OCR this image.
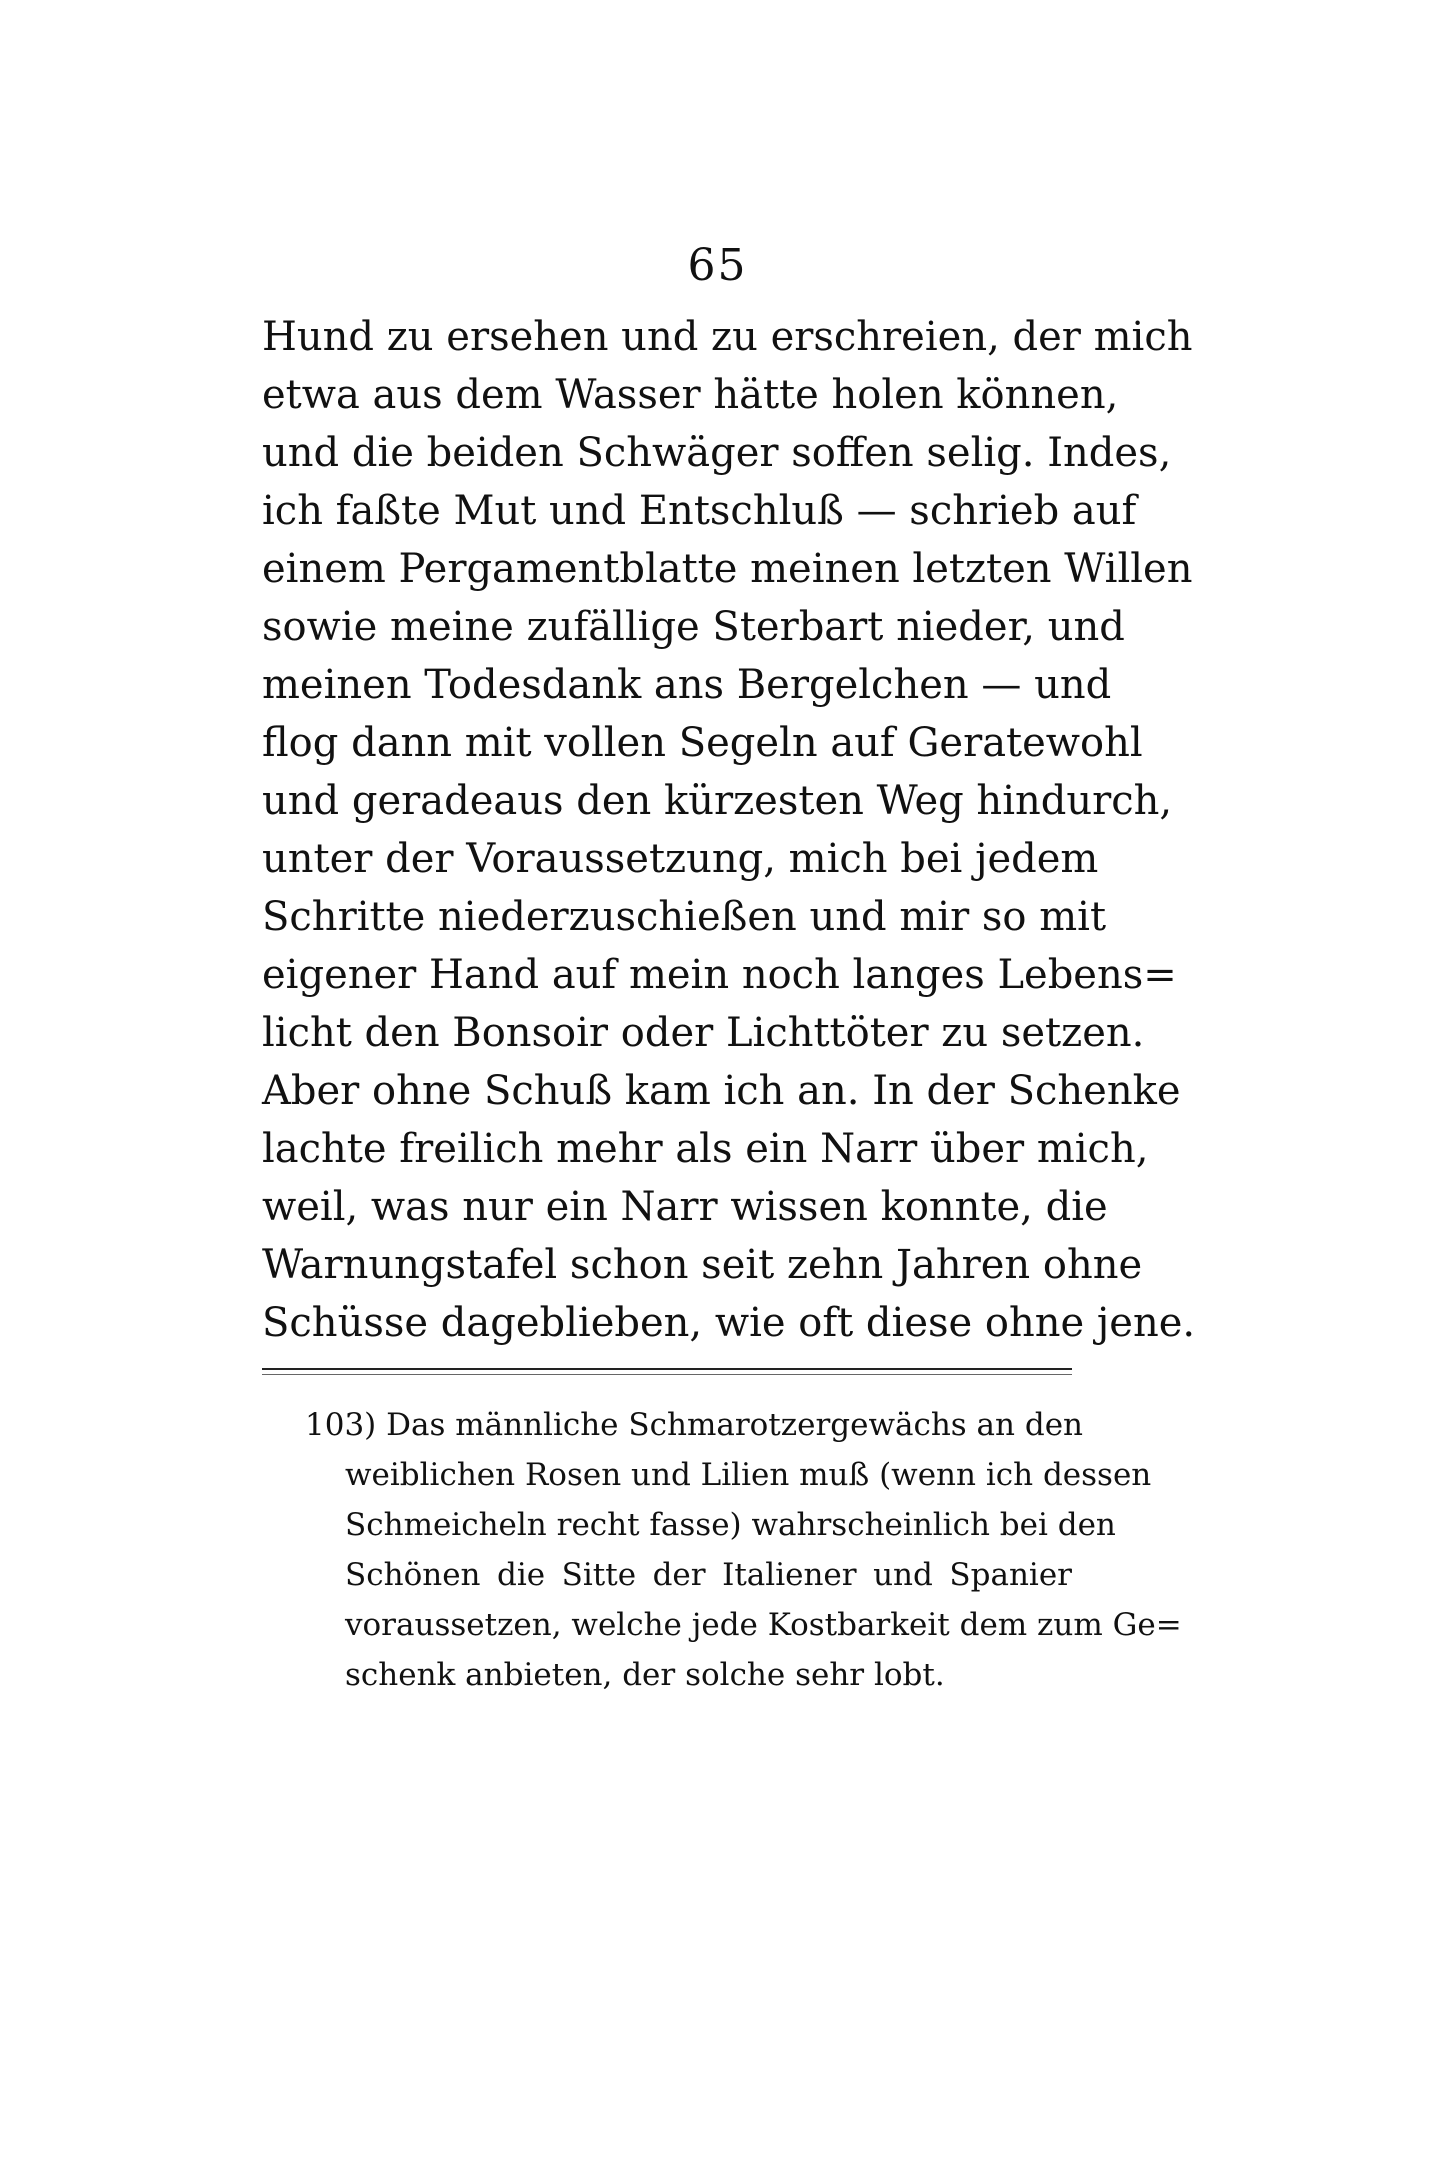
65
Hund zu ersehen und zu erschreien, der mich
etwa aus dem Wasser hätte holen können,
und die beiden Schwäger soffen selig. Indes,
ich faßte Mut und Entschluß — schrieb auf
einem Pergamentblatte meinen letzten Willen
sowie meine zufällige Sterbart nieder, und
meinen Todesdank ans Bergelchen — und
flog dann mit vollen Segeln auf Geratewohl
und geradeaus den kürzesten Weg hindurch,
unter der Voraussetzung, mich bei jedem
Schritte niederzuschießen und mir so mit
eigener Hand auf mein noch langes Lebens=
licht den Bonsoir oder Lichttöter zu setzen.
Aber ohne Schuß kam ich an. In der Schenke
lachte freilich mehr als ein Narr über mich,
weil, was nur ein Narr wissen konnte, die
Warnungstafel schon seit zehn Jahren ohne
Schüsse dageblieben, wie oft diese ohne jene.
103) Das männliche Schmarotzergewächs an den
weiblichen Rosen und Lilien muß (wenn ich dessen
Schmeicheln recht fasse) wahrscheinlich bei den
Schönen die Sitte der Italiener und Spanier
voraussetzen, welche jede Kostbarkeit dem zum Ge=
schenk anbieten, der solche sehr lobt.
